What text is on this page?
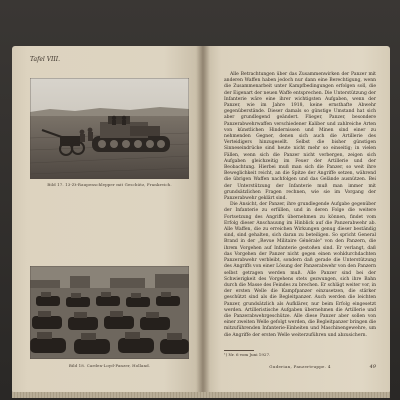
Tafel VIII.
Bild 17. 13-Zt-Raupenschlepper mit Geschütz, Frankreich.
Bild 18. Carden-Loyd-Panzer, Holland.

Alle Betrachtungen über das Zusammenwirken der Panzer mit anderen Waffen haben jedoch nur dann eine Berechtigung, wenn die Zusammenarbeit unter Kampfbedingungen erfolgen soll, die der Eigenart der neuen Waffe entsprechen. Die Unterstützung der Infanterie wäre eine ihrer wichtigsten Aufgaben, wenn der Panzer, wie im Jahre 1918, keine ernsthafte Abwehr gegenüberstände. Dieser damals so günstige Umstand hat sich aber grundlegend geändert. Flieger, Panzer, besondere Panzerabwehrwaffen verschiedener Kaliber und zahlreiche Arten von künstlichen Hindernissen und Minen sind einer zu nehmenden Gegner, denen sich auch die Artillerie des Verteidigers hinzugesellt. Selbst die bisher günstigen Sinneseindrücke sind heute nicht mehr so einseitig; in vielen Fällen, wenn sich die Panzer nicht verbergen, zeigen sich Aufgaben gleichzeitig im Feuer der Artillerie und der Beobachtung. Hierbei muß man sich die Panzer, so weit ihre Beweglichkeit reicht, an die Spitze der Angriffe setzen, während die übrigen Waffen nachfolgen und das Gelände ausnützen. Bei der Unterstützung der Infanterie muß man immer mit grundsätzlichen Fragen rechnen, wie sie im Vorgang der Panzerabwehr geklärt sind.

Die Ansicht, der Panzer, ihre grundlegende Aufgabe gegenüber der Infanterie zu erfüllen, und in deren Folge die weitere Fortsetzung des Angriffs übernehmen zu können, findet vom Erfolg dieser Anschauung im Hinblick auf die Panzerabwehr ab. Alle Waffen, die zu erreichen Wirkungen genug dieser beständig sind, sind gehalten, sich daran zu beteiligen. So spricht General Brand in der „Revue Militaire Générale" von den Panzern, die ihrem Vorgehen auf Infanterie gestoßen sind. Er verlangt, daß das Vorgehen der Panzer nicht gegen einen wohldurchdachten Panzerabwehr verbleibt, sondern daß gerade die Unterstützung des Angriffs von einer Lösung der Panzerabwehr von den Panzern selbst getragen werden muß. Alle Panzer sind bei der Schwierigkeit des Vorgehens stets gezwungen, sich ihre Bahn durch die Masse des Feindes zu brechen. Er schlägt weiter vor, in der ersten Welle die Kampfpanzer einzusetzen, die stärker geschützt sind als die Begleitpanzer. Auch werden die leichten Panzer, grundsätzlich als Aufklärer, nur beim Erfolg eingesetzt werden. Artilleristische Aufgaben übernehmen die Artillerie und die Panzerabwehrgeschütze. Alle diese Panzer aber sollen von einer zweiten Welle gefolgt werden, die Begleitpanzer bringen die mitzuführenden Infanterie-Einheiten und Maschinengewehre, um die Angriffe der ersten Welle weiterzuführen und abzusichern.

¹) Nr. 6 vom Juni 1927.
Guderian, Panzertruppe. 4	49
